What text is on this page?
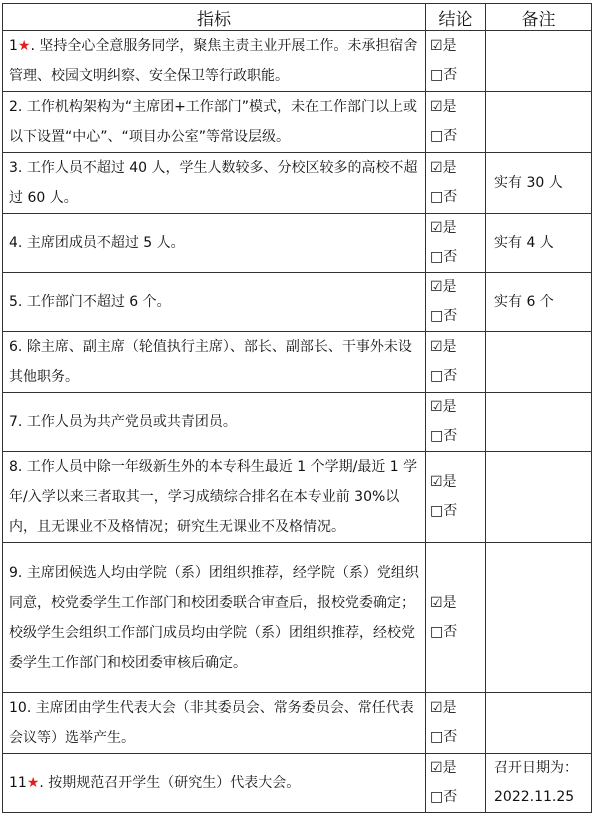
指标	结论	备注
1★. 坚持全心全意服务同学，聚焦主责主业开展工作。未承担宿舍管理、校园文明纠察、安全保卫等行政职能。	☑是
□否	

2. 工作机构架构为“主席团+工作部门”模式，未在工作部门以上或以下设置“中心”、“项目办公室”等常设层级。	☑是
□否	

3. 工作人员不超过 40 人，学生人数较多、分校区较多的高校不超过 60 人。	☑是
□否	实有 30 人
4. 主席团成员不超过 5 人。	☑是
□否	实有 4 人
5. 工作部门不超过 6 个。	☑是
□否	实有 6 个
6. 除主席、副主席（轮值执行主席）、部长、副部长、干事外未设其他职务。	☑是
□否	

7. 工作人员为共产党员或共青团员。	☑是
□否	

8. 工作人员中除一年级新生外的本专科生最近 1 个学期/最近 1 学年/入学以来三者取其一，学习成绩综合排名在本专业前 30%以内，且无课业不及格情况；研究生无课业不及格情况。	☑是
□否	

9. 主席团候选人均由学院（系）团组织推荐，经学院（系）党组织同意，校党委学生工作部门和校团委联合审查后，报校党委确定；校级学生会组织工作部门成员均由学院（系）团组织推荐，经校党委学生工作部门和校团委审核后确定。	☑是
□否	

10. 主席团由学生代表大会（非其委员会、常务委员会、常任代表会议等）选举产生。	☑是
□否	

11★. 按期规范召开学生（研究生）代表大会。	☑是
□否	召开日期为：2022.11.25
